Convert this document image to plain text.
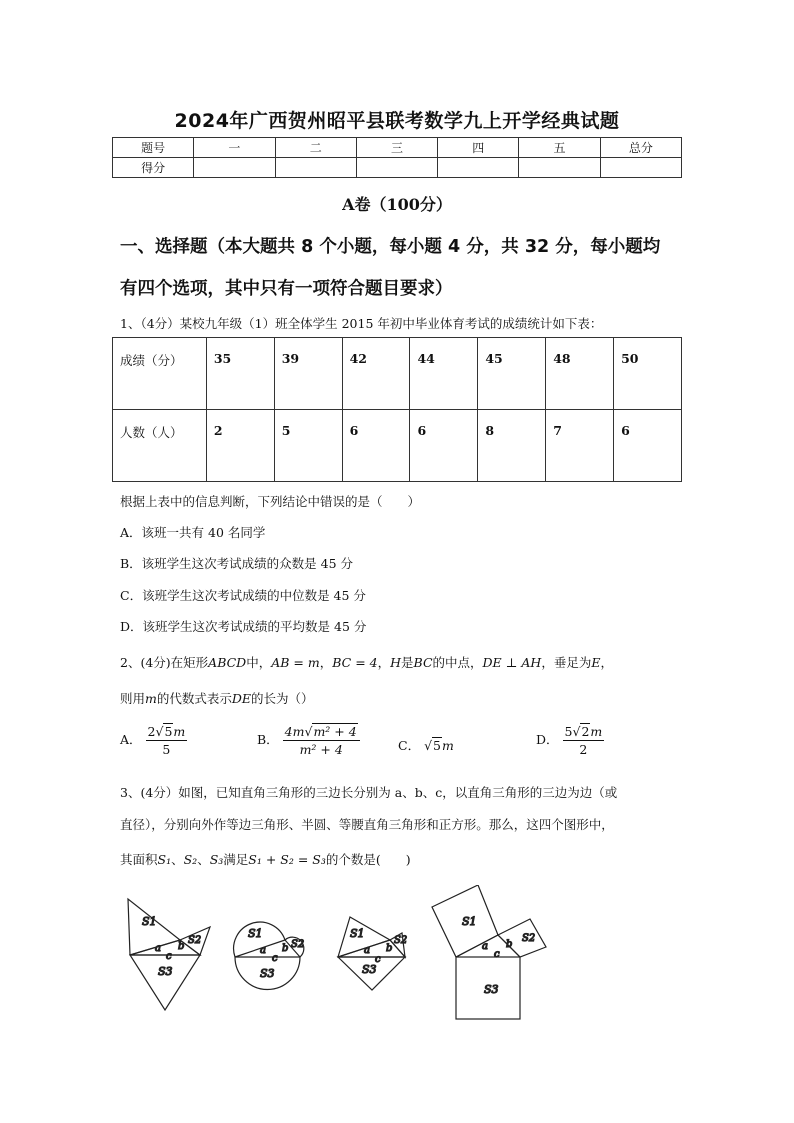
2024年广西贺州昭平县联考数学九上开学经典试题
题号	一	二	三	四	五	总分
得分						
A卷（100分）
一、选择题（本大题共 8 个小题，每小题 4 分，共 32 分，每小题均
有四个选项，其中只有一项符合题目要求）
1、（4分）某校九年级（1）班全体学生 2015 年初中毕业体育考试的成绩统计如下表：
成绩（分）	35	39	42	44	45	48	50
人数（人）	2	5	6	6	8	7	6
根据上表中的信息判断，下列结论中错误的是（　　）
A．该班一共有 40 名同学
B．该班学生这次考试成绩的众数是 45 分
C．该班学生这次考试成绩的中位数是 45 分
D．该班学生这次考试成绩的平均数是 45 分
2、(4分)在矩形ABCD中，AB = m，BC = 4，H是BC的中点，DE ⊥ AH，垂足为E，
则用m的代数式表示DE的长为（）
A． $\frac{2√5m}{5}$	B． $\frac{\text{4m√m² + 4}}{\text{m² + 4}}$	C． √5m	D． $\frac{5√2m}{2}$
3、(4分）如图，已知直角三角形的三边长分别为 a、b、c，以直角三角形的三边为边（或
直径），分别向外作等边三角形、半圆、等腰直角三角形和正方形。那么，这四个图形中，
其面积S₁、S₂、S₃满足S₁ + S₂ = S₃的个数是(　　)
S1
S2
S3
a
c
b
S1
S2
S3
a
c
b
S1
S2
S3
a
c
b
S1
S2
S3
a
c
b
